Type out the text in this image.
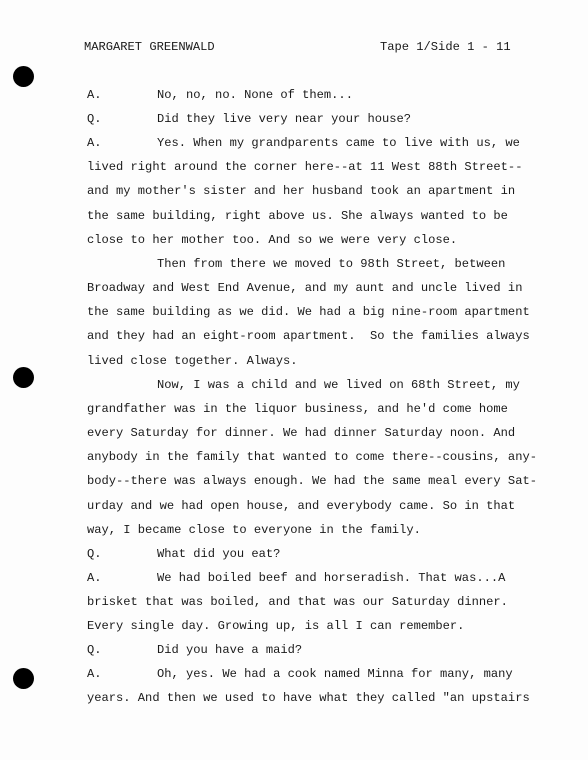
MARGARET GREENWALD	Tape 1/Side 1 - 11
A.	No, no, no. None of them...
Q.	Did they live very near your house?
A.	Yes. When my grandparents came to live with us, we
lived right around the corner here--at 11 West 88th Street--
and my mother's sister and her husband took an apartment in
the same building, right above us. She always wanted to be
close to her mother too. And so we were very close.
Then from there we moved to 98th Street, between
Broadway and West End Avenue, and my aunt and uncle lived in
the same building as we did. We had a big nine-room apartment
and they had an eight-room apartment.  So the families always
lived close together. Always.
Now, I was a child and we lived on 68th Street, my
grandfather was in the liquor business, and he'd come home
every Saturday for dinner. We had dinner Saturday noon. And
anybody in the family that wanted to come there--cousins, any-
body--there was always enough. We had the same meal every Sat-
urday and we had open house, and everybody came. So in that
way, I became close to everyone in the family.
Q.	What did you eat?
A.	We had boiled beef and horseradish. That was...A
brisket that was boiled, and that was our Saturday dinner.
Every single day. Growing up, is all I can remember.
Q.	Did you have a maid?
A.	Oh, yes. We had a cook named Minna for many, many
years. And then we used to have what they called "an upstairs
